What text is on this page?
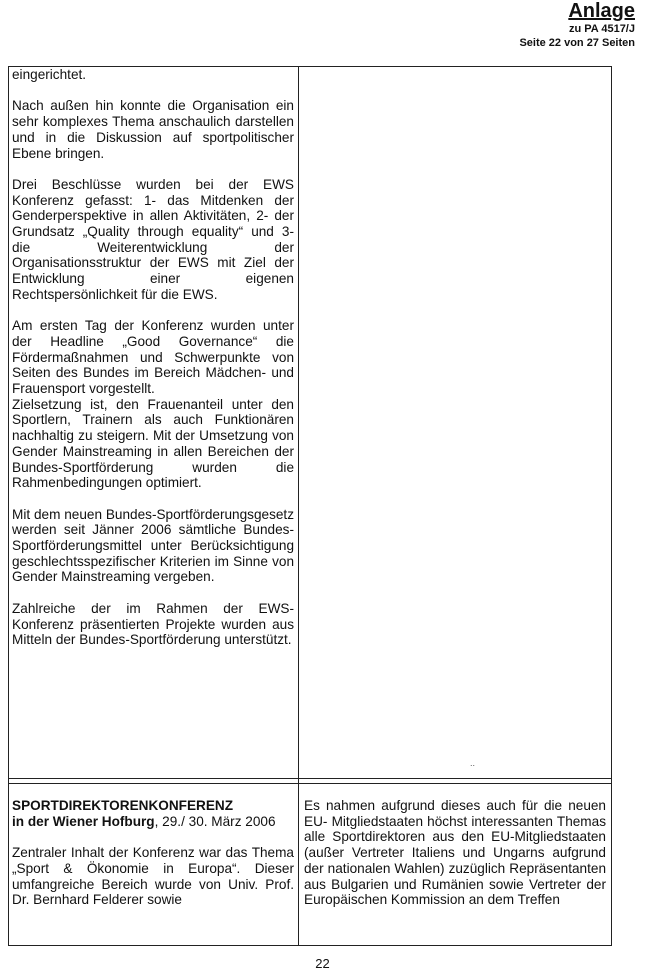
Anlage
zu PA 4517/J
Seite 22 von 27 Seiten

eingerichtet.

Nach außen hin konnte die Organisation ein sehr komplexes Thema anschaulich darstellen und in die Diskussion auf sportpolitischer Ebene bringen.

Drei Beschlüsse wurden bei der EWS Konferenz gefasst: 1- das Mitdenken der Genderperspektive in allen Aktivitäten, 2- der Grundsatz „Quality through equality“ und 3- die Weiterentwicklung der Organisationsstruktur der EWS mit Ziel der Entwicklung einer eigenen Rechtspersönlichkeit für die EWS.

Am ersten Tag der Konferenz wurden unter der Headline „Good Governance“ die Fördermaßnahmen und Schwerpunkte von Seiten des Bundes im Bereich Mädchen- und Frauensport vorgestellt.

Zielsetzung ist, den Frauenanteil unter den Sportlern, Trainern als auch Funktionären nachhaltig zu steigern. Mit der Umsetzung von Gender Mainstreaming in allen Bereichen der Bundes-Sportförderung wurden die Rahmenbedingungen optimiert.

Mit dem neuen Bundes-Sportförderungsgesetz werden seit Jänner 2006 sämtliche Bundes-Sportförderungsmittel unter Berücksichtigung geschlechtsspezifischer Kriterien im Sinne von Gender Mainstreaming vergeben.

Zahlreiche der im Rahmen der EWS-Konferenz präsentierten Projekte wurden aus Mitteln der Bundes-Sportförderung unterstützt.

..
SPORTDIREKTORENKONFERENZ
in der Wiener Hofburg, 29./ 30. März 2006
Zentraler Inhalt der Konferenz war das Thema „Sport & Ökonomie in Europa“. Dieser umfangreiche Bereich wurde von Univ. Prof. Dr. Bernhard Felderer sowie
Es nahmen aufgrund dieses auch für die neuen EU- Mitgliedstaaten höchst interessanten Themas alle Sportdirektoren aus den EU-Mitgliedstaaten (außer Vertreter Italiens und Ungarns aufgrund der nationalen Wahlen) zuzüglich Repräsentanten aus Bulgarien und Rumänien sowie Vertreter der Europäischen Kommission an dem Treffen
22
